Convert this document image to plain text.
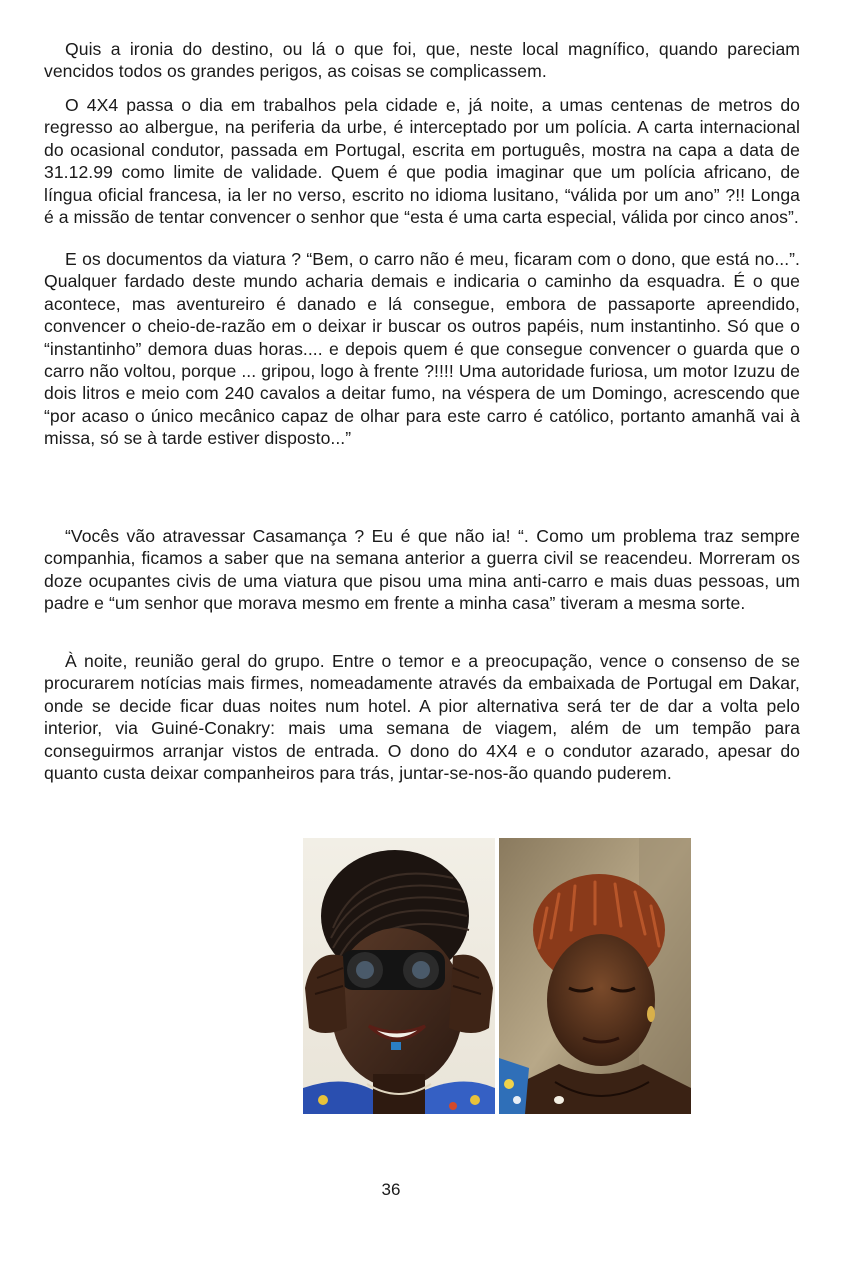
Quis a ironia do destino, ou lá o que foi, que, neste local magnífico, quando pareciam vencidos todos os grandes perigos, as coisas se complicassem.

O 4X4 passa o dia em trabalhos pela cidade e, já noite, a umas centenas de metros do regresso ao albergue, na periferia da urbe, é interceptado por um polícia. A carta internacional do ocasional condutor, passada em Portugal, escrita em português, mostra na capa a data de 31.12.99 como limite de validade. Quem é que podia imaginar que um polícia africano, de língua oficial francesa, ia ler no verso, escrito no idioma lusitano, “válida por um ano” ?!! Longa é a missão de tentar convencer o senhor que “esta é uma carta especial, válida por cinco anos”.

E os documentos da viatura ? “Bem, o carro não é meu, ficaram com o dono, que está no...”. Qualquer fardado deste mundo acharia demais e indicaria o caminho da esquadra. É o que acontece, mas aventureiro é danado e lá consegue, embora de passaporte apreendido, convencer o cheio-de-razão em o deixar ir buscar os outros papéis, num instantinho. Só que o “instantinho” demora duas horas.... e depois quem é que consegue convencer o guarda que o carro não voltou, porque ... gripou, logo à frente ?!!!! Uma autoridade furiosa, um motor Izuzu de dois litros e meio com 240 cavalos a deitar fumo, na véspera de um Domingo, acrescendo que “por acaso o único mecânico capaz de olhar para este carro é católico, portanto amanhã vai à missa, só se à tarde estiver disposto...”

“Vocês vão atravessar Casamança ? Eu é que não ia! “. Como um problema traz sempre companhia, ficamos a saber que na semana anterior a guerra civil se reacendeu. Morreram os doze ocupantes civis de uma viatura que pisou uma mina anti-carro e mais duas pessoas, um padre e “um senhor que morava mesmo em frente a minha casa” tiveram a mesma sorte.

À noite, reunião geral do grupo. Entre o temor e a preocupação, vence o consenso de se procurarem notícias mais firmes, nomeadamente através da embaixada de Portugal em Dakar, onde se decide ficar duas noites num hotel. A pior alternativa será ter de dar a volta pelo interior, via Guiné-Conakry: mais uma semana de viagem, além de um tempão para conseguirmos arranjar vistos de entrada. O dono do 4X4 e o condutor azarado, apesar do quanto custa deixar companheiros para trás, juntar-se-nos-ão quando puderem.

36
